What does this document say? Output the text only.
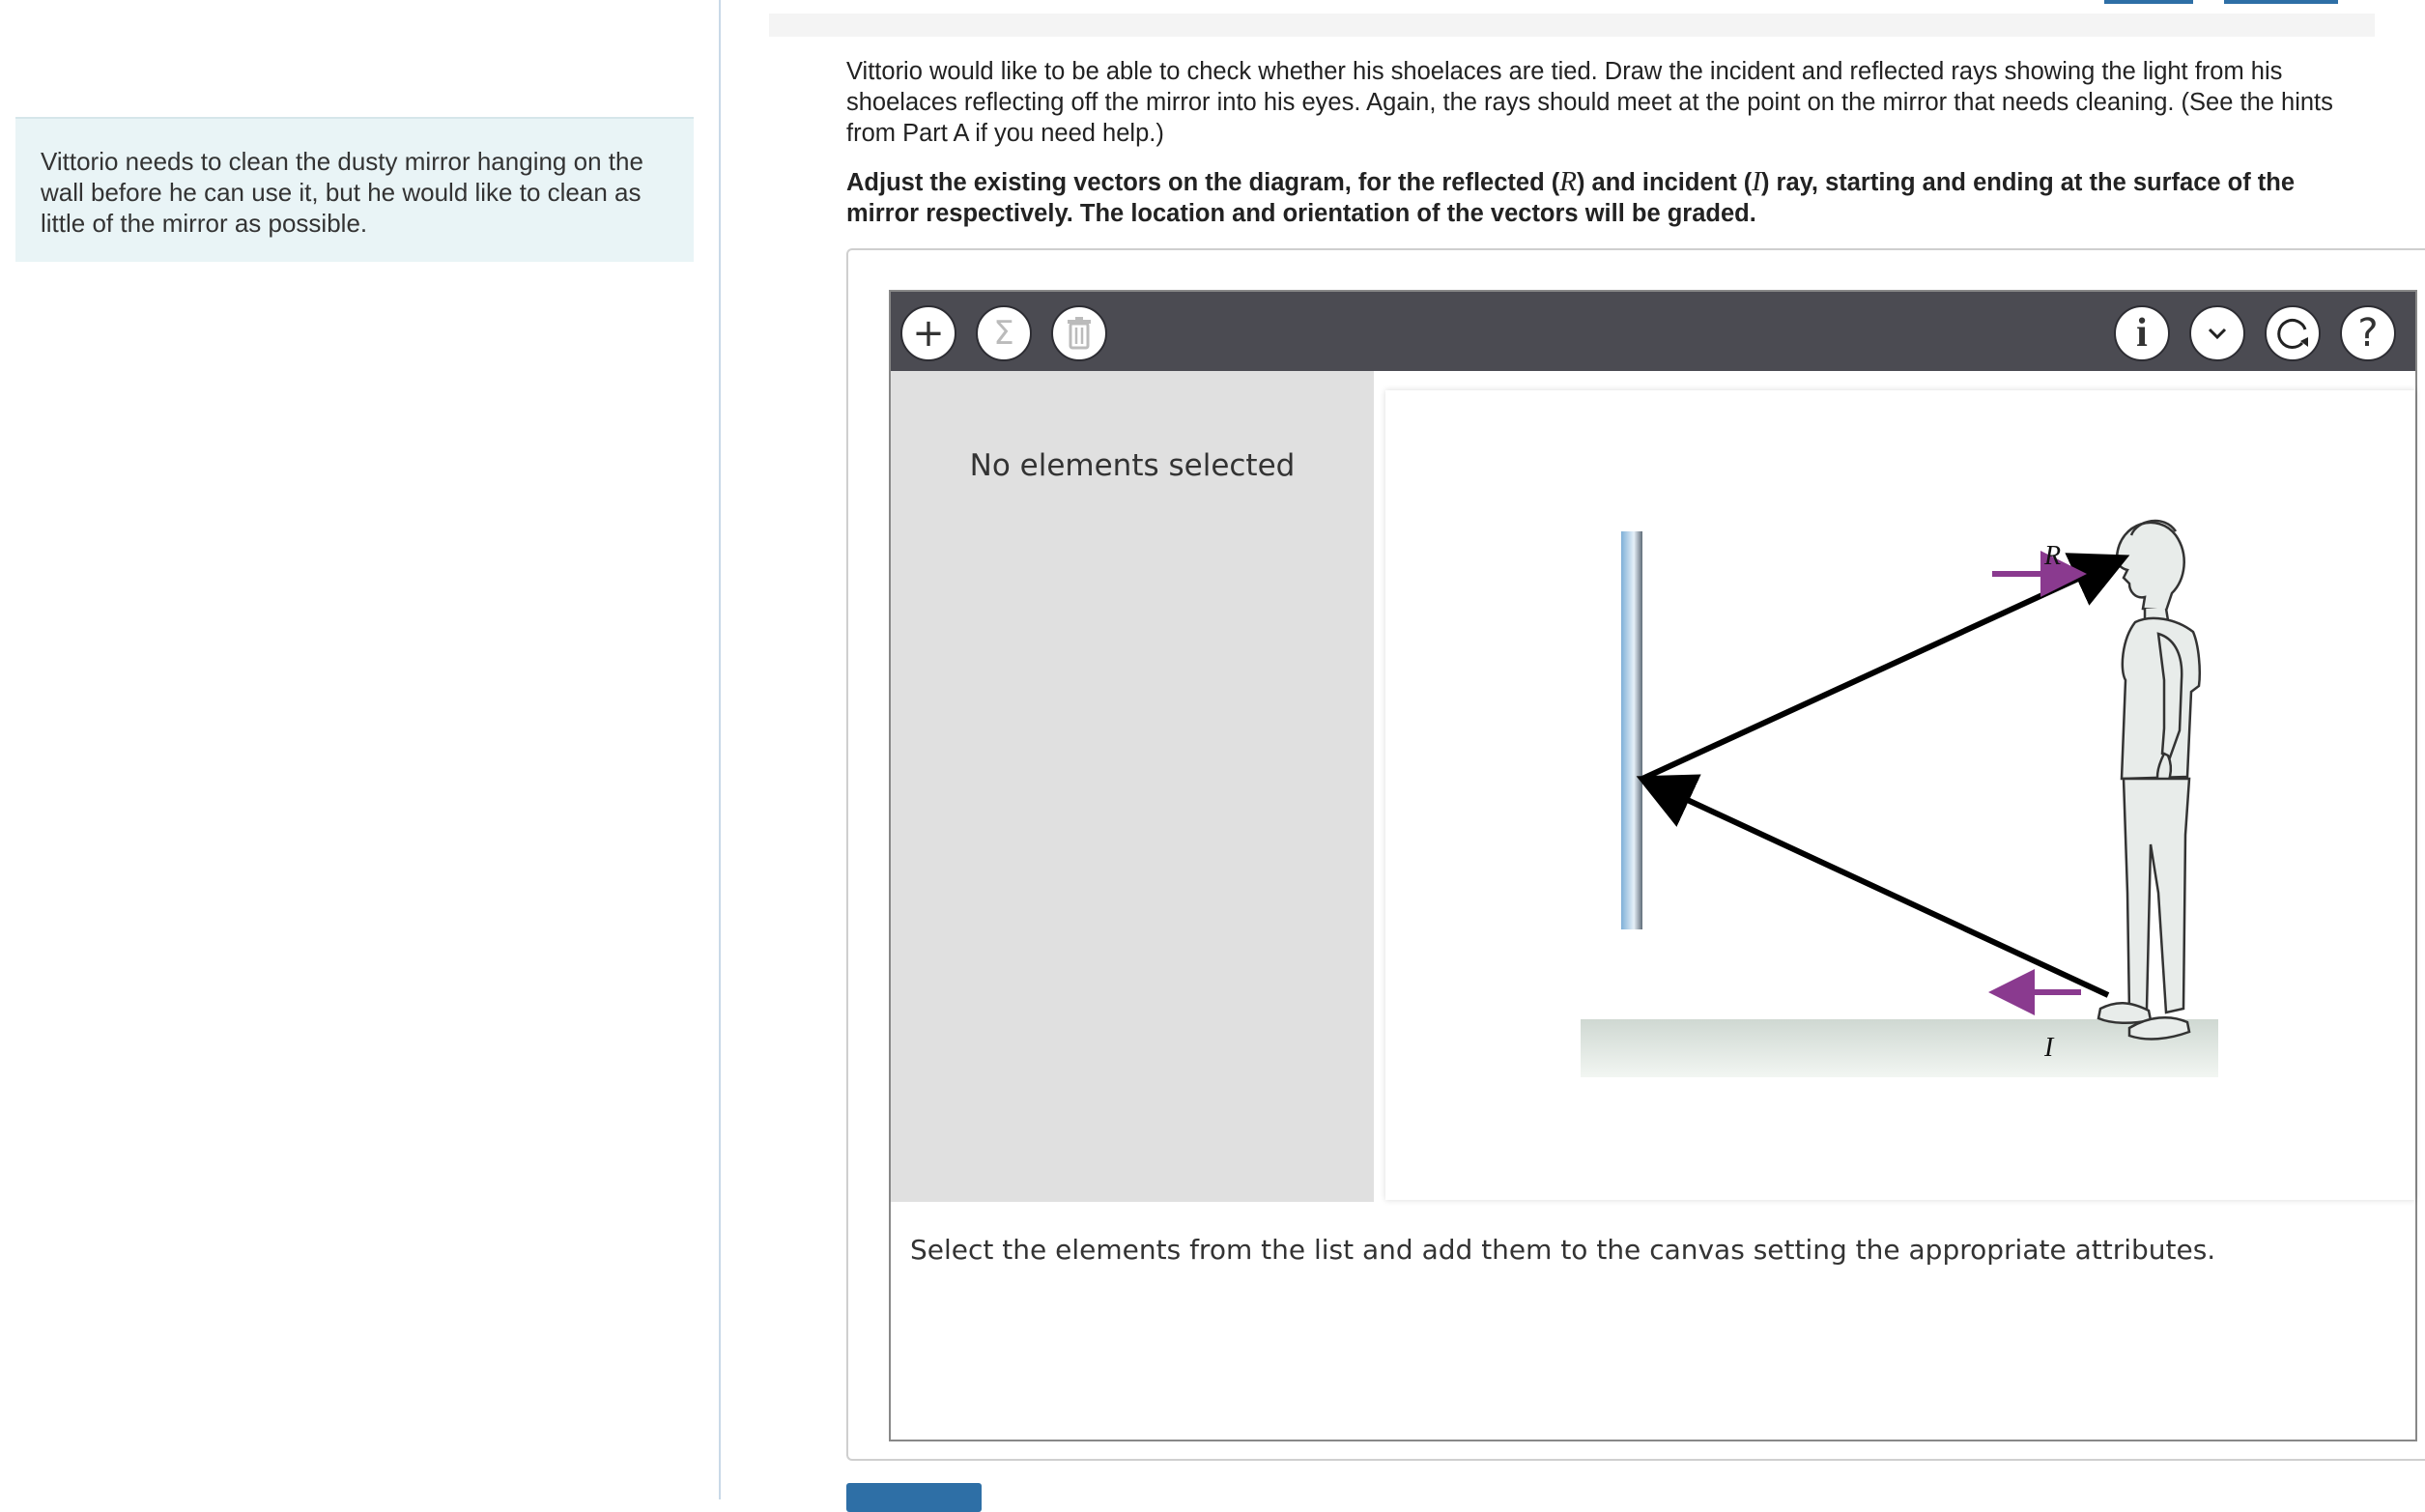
Vittorio needs to clean the dusty mirror hanging on the wall before he can use it, but he would like to clean as little of the mirror as possible.
Vittorio would like to be able to check whether his shoelaces are tied. Draw the incident and reflected rays showing the light from his shoelaces reflecting off the mirror into his eyes. Again, the rays should meet at the point on the mirror that needs cleaning. (See the hints from Part A if you need help.)
Adjust the existing vectors on the diagram, for the reflected (R) and incident (I) ray, starting and ending at the surface of the mirror respectively. The location and orientation of the vectors will be graded.
+ Σ	i	?
No elements selected
R
I
Select the elements from the list and add them to the canvas setting the appropriate attributes.
